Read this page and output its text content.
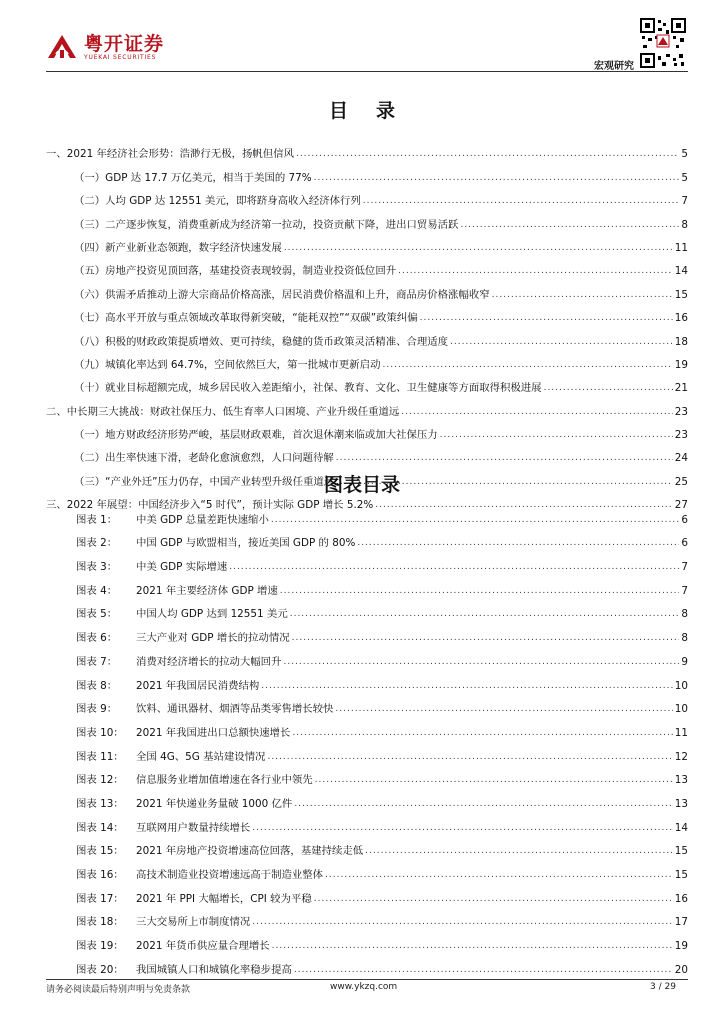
粤开证券
YUEKAI SECURITIES
宏观研究
目 录
一、2021 年经济社会形势：浩渺行无极，扬帆但信风 .....	5
（一）GDP 达 17.7 万亿美元，相当于美国的 77% .....	5
（二）人均 GDP 达 12551 美元，即将跻身高收入经济体行列 .....	7
（三）二产逐步恢复，消费重新成为经济第一拉动，投资贡献下降，进出口贸易活跃 .....	8
（四）新产业新业态领跑，数字经济快速发展 .....	11
（五）房地产投资见顶回落，基建投资表现较弱，制造业投资低位回升 .....	14
（六）供需矛盾推动上游大宗商品价格高涨，居民消费价格温和上升，商品房价格涨幅收窄 .....	15
（七）高水平开放与重点领域改革取得新突破，“能耗双控”“双碳”政策纠偏 .....	16
（八）积极的财政政策提质增效、更可持续，稳健的货币政策灵活精准、合理适度 .....	18
（九）城镇化率达到 64.7%，空间依然巨大，第一批城市更新启动 .....	19
（十）就业目标超额完成，城乡居民收入差距缩小，社保、教育、文化、卫生健康等方面取得积极进展 .....	21
二、中长期三大挑战：财政社保压力、低生育率人口困境、产业升级任重道远 .....	23
（一）地方财政经济形势严峻，基层财政艰难，首次退休潮来临或加大社保压力 .....	23
（二）出生率快速下滑，老龄化愈演愈烈，人口问题待解 .....	24
（三）“产业外迁”压力仍存，中国产业转型升级任重道远 .....	25
三、2022 年展望：中国经济步入“5 时代”，预计实际 GDP 增长 5.2% .....	27
图表目录
图表 1：	中美 GDP 总量差距快速缩小 .....	6
图表 2：	中国 GDP 与欧盟相当，接近美国 GDP 的 80% .....	6
图表 3：	中美 GDP 实际增速 .....	7
图表 4：	2021 年主要经济体 GDP 增速 .....	7
图表 5：	中国人均 GDP 达到 12551 美元 .....	8
图表 6：	三大产业对 GDP 增长的拉动情况 .....	8
图表 7：	消费对经济增长的拉动大幅回升 .....	9
图表 8：	2021 年我国居民消费结构 .....	10
图表 9：	饮料、通讯器材、烟酒等品类零售增长较快 .....	10
图表 10：	2021 年我国进出口总额快速增长 .....	11
图表 11：	全国 4G、5G 基站建设情况 .....	12
图表 12：	信息服务业增加值增速在各行业中领先 .....	13
图表 13：	2021 年快递业务量破 1000 亿件 .....	13
图表 14：	互联网用户数量持续增长 .....	14
图表 15：	2021 年房地产投资增速高位回落，基建持续走低 .....	15
图表 16：	高技术制造业投资增速远高于制造业整体 .....	15
图表 17：	2021 年 PPI 大幅增长，CPI 较为平稳 .....	16
图表 18：	三大交易所上市制度情况 .....	17
图表 19：	2021 年货币供应量合理增长 .....	19
图表 20：	我国城镇人口和城镇化率稳步提高 .....	20
请务必阅读最后特别声明与免责条款	www.ykzq.com	3 / 29
